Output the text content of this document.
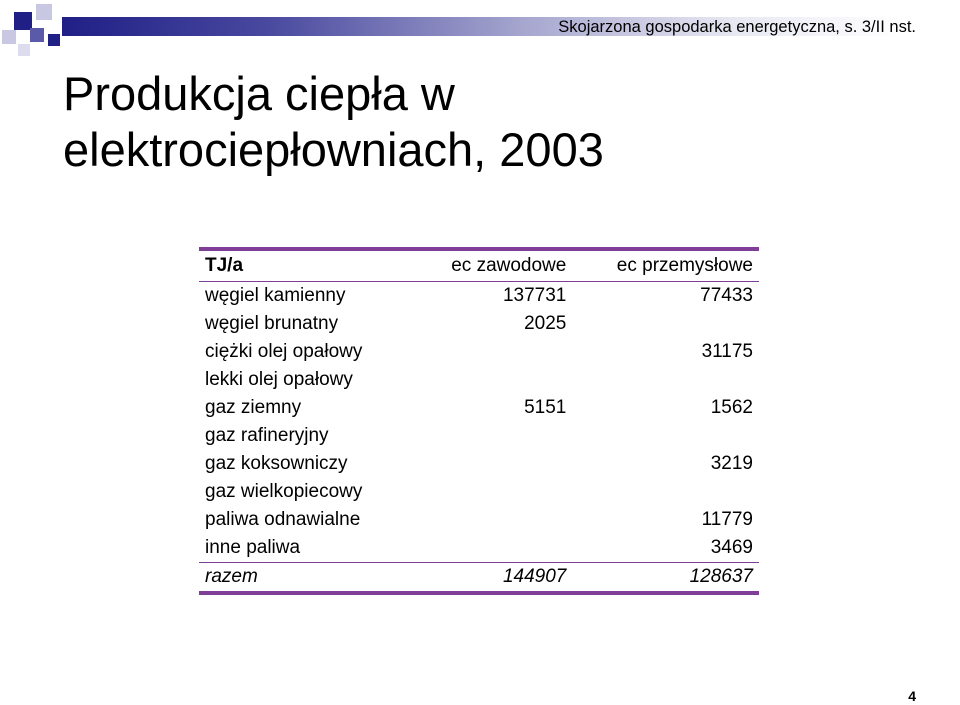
Skojarzona gospodarka energetyczna, s. 3/II nst.
Produkcja ciepła w
elektrociepłowniach, 2003
TJ/a	ec zawodowe	ec przemysłowe
węgiel kamienny	137731	77433
węgiel brunatny	2025	
ciężki olej opałowy		31175
lekki olej opałowy		
gaz ziemny	5151	1562
gaz rafineryjny		
gaz koksowniczy		3219
gaz wielkopiecowy		
paliwa odnawialne		11779
inne paliwa		3469
razem	144907	128637
4
